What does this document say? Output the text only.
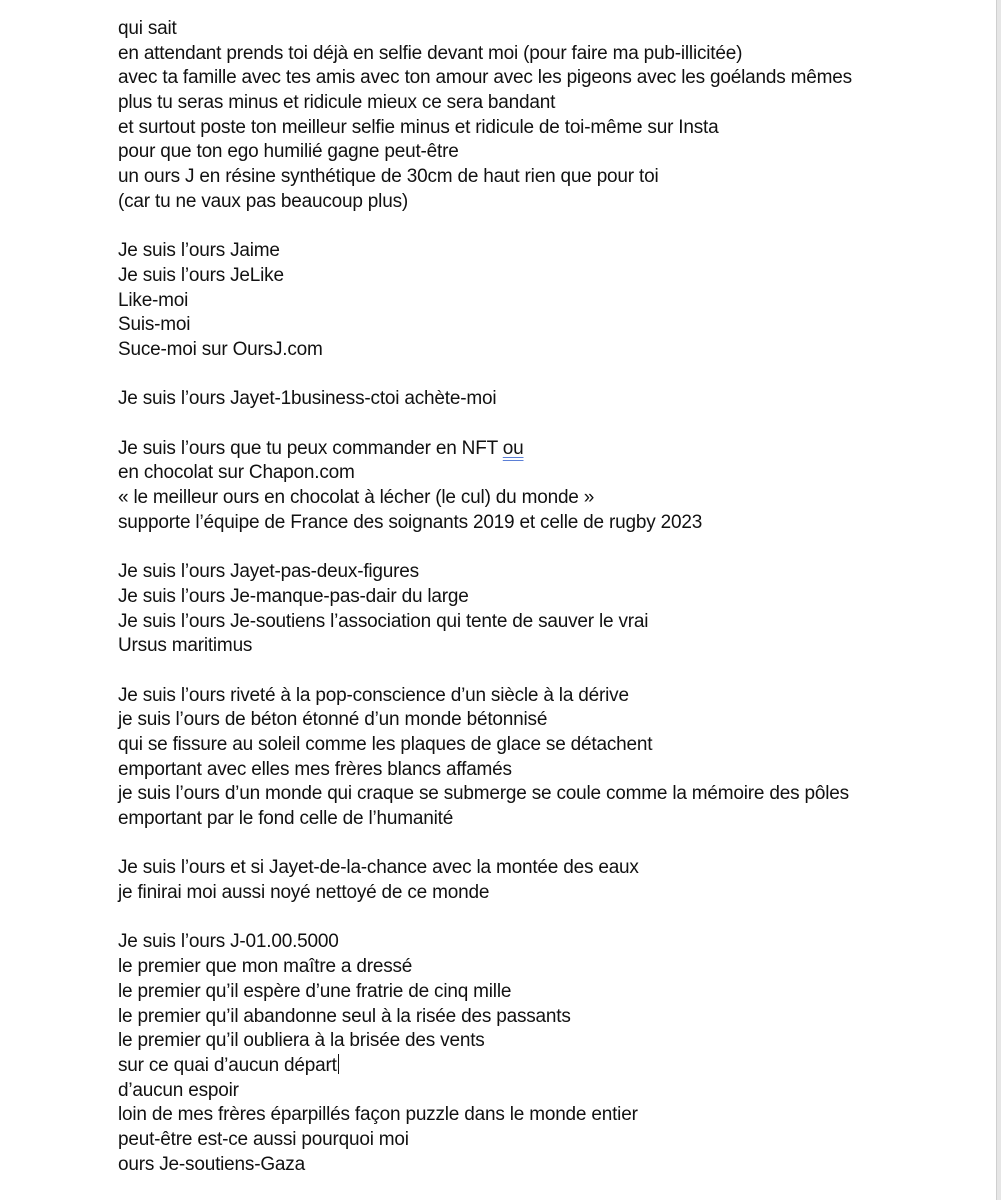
qui sait
en attendant prends toi déjà en selfie devant moi (pour faire ma pub-illicitée)
avec ta famille avec tes amis avec ton amour avec les pigeons avec les goélands mêmes
plus tu seras minus et ridicule mieux ce sera bandant
et surtout poste ton meilleur selfie minus et ridicule de toi-même sur Insta
pour que ton ego humilié gagne peut-être
un ours J en résine synthétique de 30cm de haut rien que pour toi
(car tu ne vaux pas beaucoup plus)
Je suis l’ours Jaime
Je suis l’ours JeLike
Like-moi
Suis-moi
Suce-moi sur OursJ.com
Je suis l’ours Jayet-1business-ctoi achète-moi
Je suis l’ours que tu peux commander en NFT ou
en chocolat sur Chapon.com
« le meilleur ours en chocolat à lécher (le cul) du monde »
supporte l’équipe de France des soignants 2019 et celle de rugby 2023
Je suis l’ours Jayet-pas-deux-figures
Je suis l’ours Je-manque-pas-dair du large
Je suis l’ours Je-soutiens l’association qui tente de sauver le vrai
Ursus maritimus
Je suis l’ours riveté à la pop-conscience d’un siècle à la dérive
je suis l’ours de béton étonné d’un monde bétonnisé
qui se fissure au soleil comme les plaques de glace se détachent
emportant avec elles mes frères blancs affamés
je suis l’ours d’un monde qui craque se submerge se coule comme la mémoire des pôles
emportant par le fond celle de l’humanité
Je suis l’ours et si Jayet-de-la-chance avec la montée des eaux
je finirai moi aussi noyé nettoyé de ce monde
Je suis l’ours J-01.00.5000
le premier que mon maître a dressé
le premier qu’il espère d’une fratrie de cinq mille
le premier qu’il abandonne seul à la risée des passants
le premier qu’il oubliera à la brisée des vents
sur ce quai d’aucun départ
d’aucun espoir
loin de mes frères éparpillés façon puzzle dans le monde entier
peut-être est-ce aussi pourquoi moi
ours Je-soutiens-Gaza
